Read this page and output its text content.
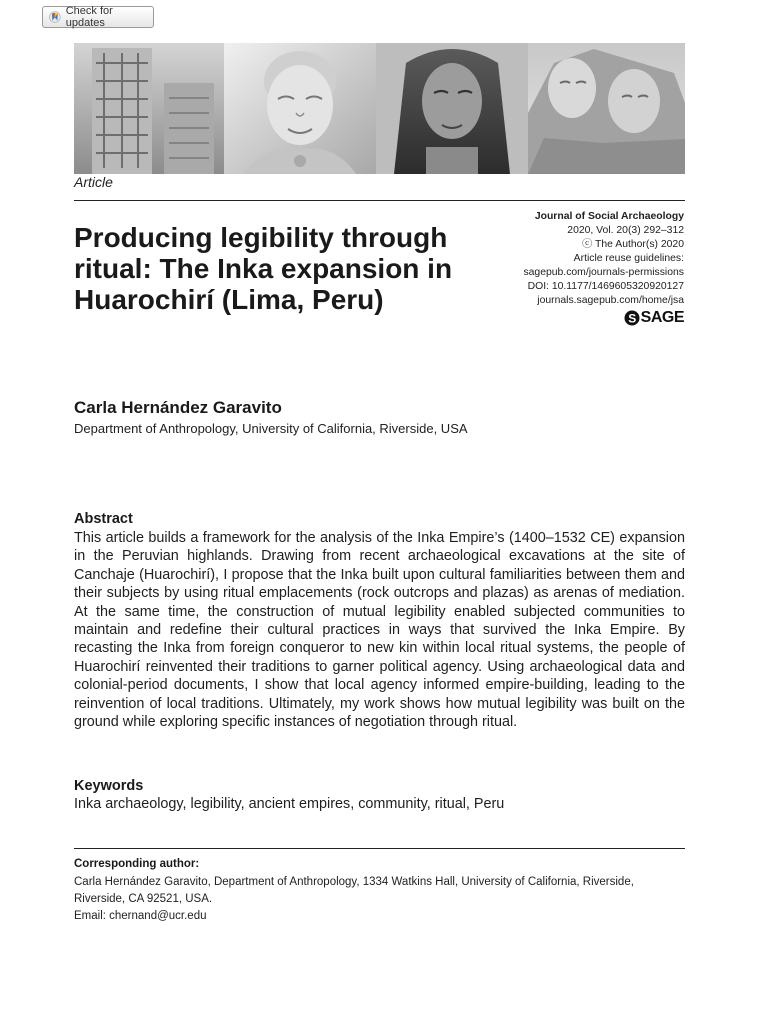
Check for updates
Article
Producing legibility through ritual: The Inka expansion in Huarochirí (Lima, Peru)
Journal of Social Archaeology
2020, Vol. 20(3) 292–312
ⓒ The Author(s) 2020
Article reuse guidelines:
sagepub.com/journals-permissions
DOI: 10.1177/1469605320920127
journals.sagepub.com/home/jsa
S SAGE
Carla Hernández Garavito
Department of Anthropology, University of California, Riverside, USA
Abstract

This article builds a framework for the analysis of the Inka Empire’s (1400–1532 CE) expansion in the Peruvian highlands. Drawing from recent archaeological excavations at the site of Canchaje (Huarochirí), I propose that the Inka built upon cultural familiarities between them and their subjects by using ritual emplacements (rock outcrops and plazas) as arenas of mediation. At the same time, the construction of mutual legibility enabled subjected communities to maintain and redefine their cultural practices in ways that survived the Inka Empire. By recasting the Inka from foreign conqueror to new kin within local ritual systems, the people of Huarochirí reinvented their traditions to garner political agency. Using archaeological data and colonial-period documents, I show that local agency informed empire-building, leading to the reinvention of local traditions. Ultimately, my work shows how mutual legibility was built on the ground while exploring specific instances of negotiation through ritual.

Keywords
Inka archaeology, legibility, ancient empires, community, ritual, Peru
Corresponding author:
Carla Hernández Garavito, Department of Anthropology, 1334 Watkins Hall, University of California, Riverside, Riverside, CA 92521, USA.
Email: chernand@ucr.edu
